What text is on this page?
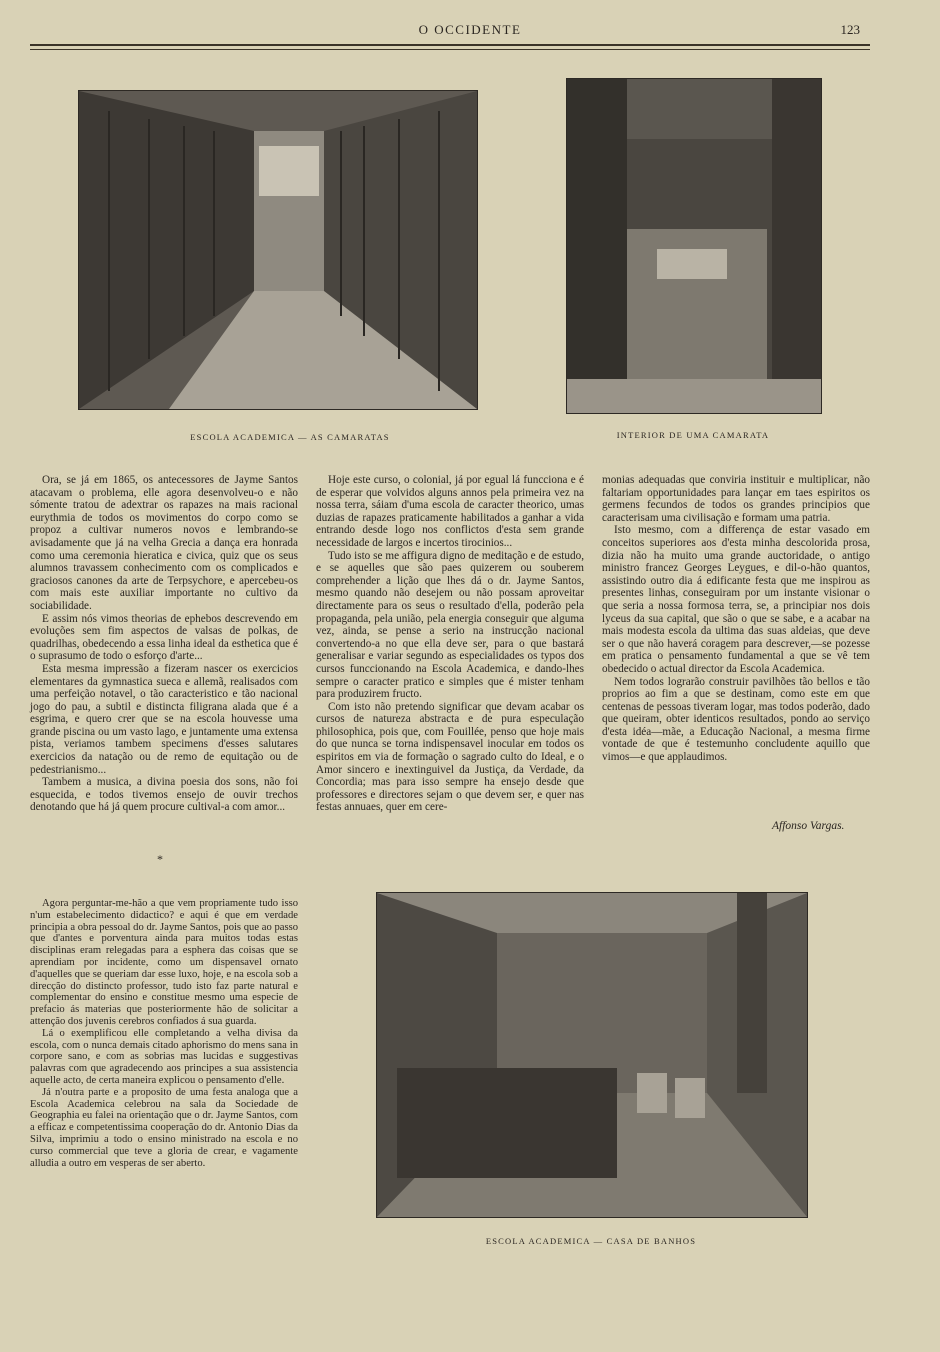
O OCCIDENTE	123
ESCOLA ACADEMICA — AS CAMARATAS	INTERIOR DE UMA CAMARATA

Ora, se já em 1865, os antecessores de Jayme Santos atacavam o problema, elle agora desenvolveu-o e não sómente tratou de adextrar os rapazes na mais racional eurythmia de todos os movimentos do corpo como se propoz a cultivar numeros novos e lembrando-se avisadamente que já na velha Grecia a dança era honrada como uma ceremonia hieratica e civica, quiz que os seus alumnos travassem conhecimento com os complicados e graciosos canones da arte de Terpsychore, e apercebeu-os com mais este auxiliar importante no cultivo da sociabilidade.

E assim nós vimos theorias de ephebos descrevendo em evoluções sem fim aspectos de valsas de polkas, de quadrilhas, obedecendo a essa linha ideal da esthetica que é o suprasumo de todo o esforço d'arte...

Esta mesma impressão a fizeram nascer os exercicios elementares da gymnastica sueca e allemã, realisados com uma perfeição notavel, o tão caracteristico e tão nacional jogo do pau, a subtil e distincta filigrana alada que é a esgrima, e quero crer que se na escola houvesse uma grande piscina ou um vasto lago, e juntamente uma extensa pista, veriamos tambem specimens d'esses salutares exercicios da natação ou de remo de equitação ou de pedestrianismo...

Tambem a musica, a divina poesia dos sons, não foi esquecida, e todos tivemos ensejo de ouvir trechos denotando que há já quem procure cultival-a com amor...

Hoje este curso, o colonial, já por egual lá funcciona e é de esperar que volvidos alguns annos pela primeira vez na nossa terra, sáiam d'uma escola de caracter theorico, umas duzias de rapazes praticamente habilitados a ganhar a vida entrando desde logo nos conflictos d'esta sem grande necessidade de largos e incertos tirocinios...

Tudo isto se me affigura digno de meditação e de estudo, e se aquelles que são paes quizerem ou souberem comprehender a lição que lhes dá o dr. Jayme Santos, mesmo quando não desejem ou não possam aproveitar directamente para os seus o resultado d'ella, poderão pela propaganda, pela união, pela energia conseguir que alguma vez, ainda, se pense a serio na instrucção nacional convertendo-a no que ella deve ser, para o que bastará generalisar e variar segundo as especialidades os typos dos cursos funccionando na Escola Academica, e dando-lhes sempre o caracter pratico e simples que é mister tenham para produzirem fructo.

Com isto não pretendo significar que devam acabar os cursos de natureza abstracta e de pura especulação philosophica, pois que, com Fouillée, penso que hoje mais do que nunca se torna indispensavel inocular em todos os espiritos em via de formação o sagrado culto do Ideal, e o Amor sincero e inextinguivel da Justiça, da Verdade, da Concordia; mas para isso sempre ha ensejo desde que professores e directores sejam o que devem ser, e quer nas festas annuaes, quer em cere-

monias adequadas que conviria instituir e multiplicar, não faltariam opportunidades para lançar em taes espiritos os germens fecundos de todos os grandes principios que caracterisam uma civilisação e formam uma patria.

Isto mesmo, com a differença de estar vasado em conceitos superiores aos d'esta minha descolorida prosa, dizia não ha muito uma grande auctoridade, o antigo ministro francez Georges Leygues, e dil-o-hão quantos, assistindo outro dia á edificante festa que me inspirou as presentes linhas, conseguiram por um instante visionar o que seria a nossa formosa terra, se, a principiar nos dois lyceus da sua capital, que são o que se sabe, e a acabar na mais modesta escola da ultima das suas aldeias, que deve ser o que não haverá coragem para descrever,—se pozesse em pratica o pensamento fundamental a que se vê tem obedecido o actual director da Escola Academica.

Nem todos lograrão construir pavilhões tão bellos e tão proprios ao fim a que se destinam, como este em que centenas de pessoas tiveram logar, mas todos poderão, dado que queiram, obter identicos resultados, pondo ao serviço d'esta idéa—mãe, a Educação Nacional, a mesma firme vontade de que é testemunho concludente aquillo que vimos—e que applaudimos.

Affonso Vargas.
*

Agora perguntar-me-hão a que vem propriamente tudo isso n'um estabelecimento didactico? e aqui é que em verdade principia a obra pessoal do dr. Jayme Santos, pois que ao passo que d'antes e porventura ainda para muitos todas estas disciplinas eram relegadas para a esphera das coisas que se aprendiam por incidente, como um dispensavel ornato d'aquelles que se queriam dar esse luxo, hoje, e na escola sob a direcção do distincto professor, tudo isto faz parte natural e complementar do ensino e constitue mesmo uma especie de prefacio ás materias que posteriormente hão de solicitar a attenção dos juvenis cerebros confiados á sua guarda.

Lá o exemplificou elle completando a velha divisa da escola, com o nunca demais citado aphorismo do mens sana in corpore sano, e com as sobrias mas lucidas e suggestivas palavras com que agradecendo aos principes a sua assistencia aquelle acto, de certa maneira explicou o pensamento d'elle.

Já n'outra parte e a proposito de uma festa analoga que a Escola Academica celebrou na sala da Sociedade de Geographia eu falei na orientação que o dr. Jayme Santos, com a efficaz e competentissima cooperação do dr. Antonio Dias da Silva, imprimiu a todo o ensino ministrado na escola e no curso commercial que teve a gloria de crear, e vagamente alludia a outro em vesperas de ser aberto.

ESCOLA ACADEMICA — CASA DE BANHOS
